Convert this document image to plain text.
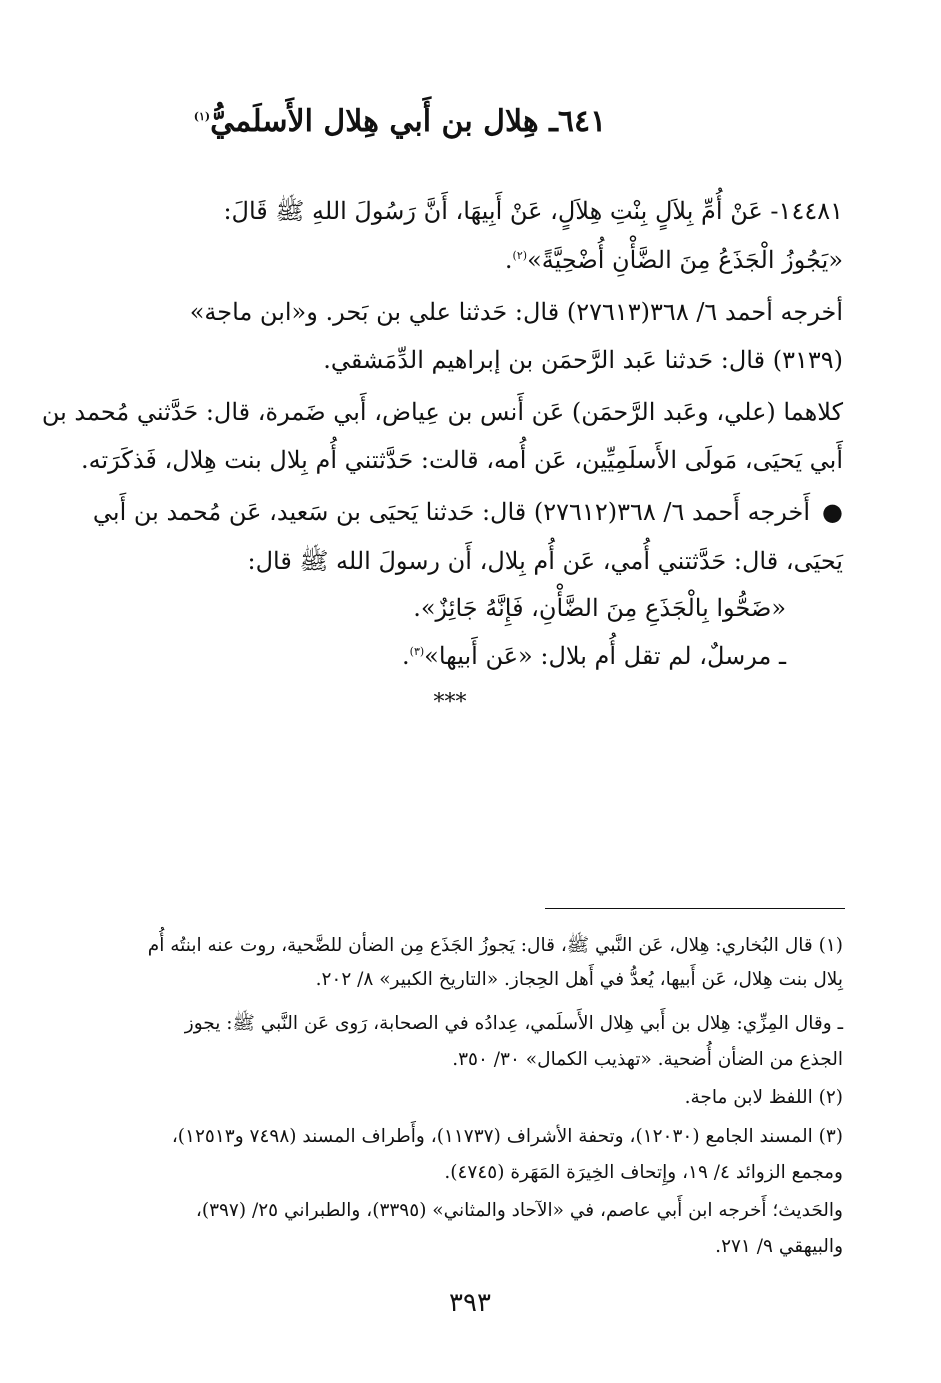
٦٤١ـ هِلال بن أَبي هِلال الأَسلَميُّ$^{(١)}$
١٤٤٨١- عَنْ أُمِّ بِلاَلٍ بِنْتِ هِلاَلٍ، عَنْ أَبِيهَا، أَنَّ رَسُولَ اللهِ ﷺ قَالَ:
«يَجُوزُ الْجَذَعُ مِنَ الضَّأْنِ أُضْحِيَّةً»$^{(٢)}$.
أخرجه أحمد ٦/ ٣٦٨(٢٧٦١٣) قال: حَدثنا علي بن بَحر. و«ابن ماجة»
(٣١٣٩) قال: حَدثنا عَبد الرَّحمَن بن إبراهيم الدِّمَشقي.
كلاهما (علي، وعَبد الرَّحمَن) عَن أَنس بن عِياض، أَبي ضَمرة، قال: حَدَّثني مُحمد بن
أَبي يَحيَى، مَولَى الأَسلَمِيِّين، عَن أُمه، قالت: حَدَّثتني أُم بِلال بنت هِلال، فَذكَرَته.
●أَخرجه أَحمد ٦/ ٣٦٨(٢٧٦١٢) قال: حَدثنا يَحيَى بن سَعيد، عَن مُحمد بن أَبي
يَحيَى، قال: حَدَّثتني أُمي، عَن أُم بِلال، أَن رسولَ الله ﷺ قال:
«ضَحُّوا بِالْجَذَعِ مِنَ الضَّأْنِ، فَإِنَّهُ جَائِزٌ».
ـ مرسلٌ، لم تقل أُم بلال: «عَن أَبيها»$^{(٣)}$.
***
(١) قال البُخاري: هِلال، عَن النَّبي ﷺ، قال: يَجوزُ الجَذَع مِن الضأن للضَّحية، روت عنه ابنتُه أُم
بِلال بنت هِلال، عَن أَبيها، يُعدُّ في أَهل الحِجاز. «التاريخ الكبير» ٨/ ٢٠٢.
ـ وقال المِزِّي: هِلال بن أَبي هِلال الأَسلَمي، عِدادُه في الصحابة، رَوى عَن النَّبي ﷺ: يجوز
الجذع من الضأن أُضحية. «تهذيب الكمال» ٣٠/ ٣٥٠.
(٢) اللفظ لابن ماجة.
(٣) المسند الجامع (١٢٠٣٠)، وتحفة الأشراف (١١٧٣٧)، وأَطراف المسند (٧٤٩٨ و١٢٥١٣)،
ومجمع الزوائد ٤/ ١٩، وإِتحاف الخِيرَة المَهَرة (٤٧٤٥).
والحَديث؛ أَخرجه ابن أَبي عاصم، في «الآحاد والمثاني» (٣٣٩٥)، والطبراني ٢٥/ (٣٩٧)،
والبيهقي ٩/ ٢٧١.
٣٩٣
